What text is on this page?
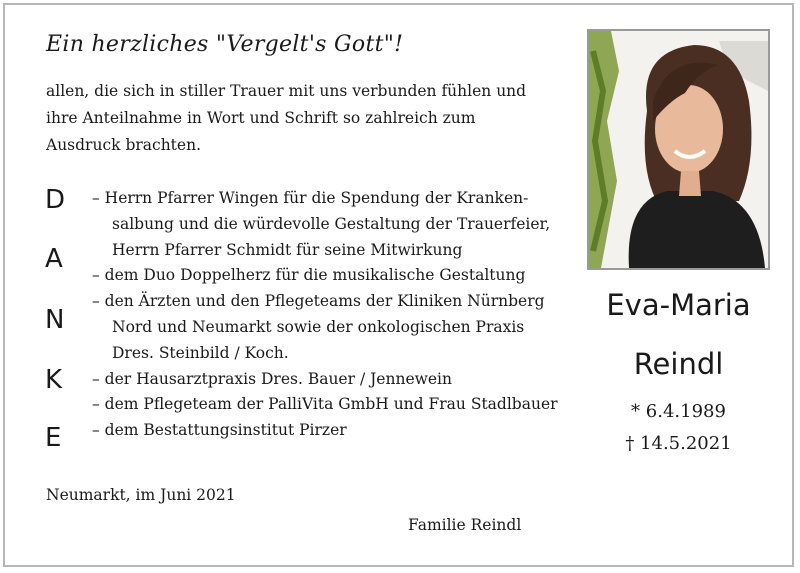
Ein herzliches "Vergelt's Gott"!
allen, die sich in stiller Trauer mit uns verbunden fühlen und
ihre Anteilnahme in Wort und Schrift so zahlreich zum
Ausdruck brachten.
D
A
N
K
E
– Herrn Pfarrer Wingen für die Spendung der Kranken-
salbung und die würdevolle Gestaltung der Trauerfeier,
Herrn Pfarrer Schmidt für seine Mitwirkung
– dem Duo Doppelherz für die musikalische Gestaltung
– den Ärzten und den Pflegeteams der Kliniken Nürnberg
Nord und Neumarkt sowie der onkologischen Praxis
Dres. Steinbild / Koch.
– der Hausarztpraxis Dres. Bauer / Jennewein
– dem Pflegeteam der PalliVita GmbH und Frau Stadlbauer
– dem Bestattungsinstitut Pirzer
Neumarkt, im Juni 2021
Familie Reindl
Eva-Maria
Reindl
* 6.4.1989
† 14.5.2021
